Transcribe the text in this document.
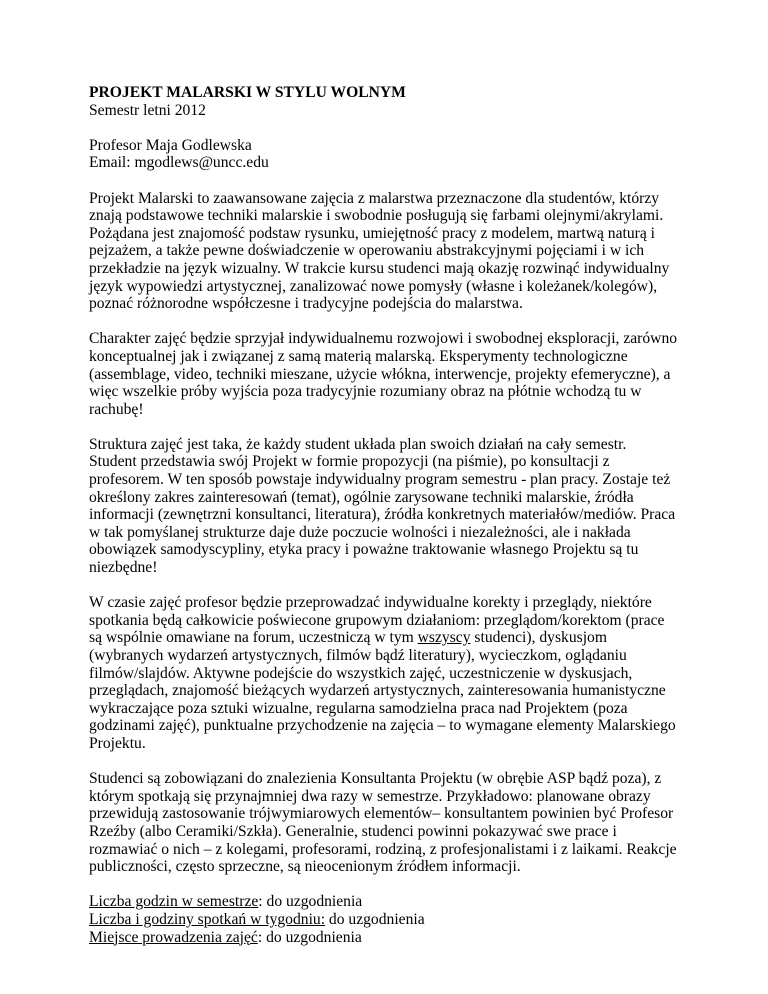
PROJEKT MALARSKI W STYLU WOLNYM
Semestr letni 2012
Profesor Maja Godlewska
Email: mgodlews@uncc.edu
Projekt Malarski to zaawansowane zajęcia z malarstwa przeznaczone dla studentów, którzy
znają podstawowe techniki malarskie i swobodnie posługują się farbami olejnymi/akrylami.
Pożądana jest znajomość podstaw rysunku, umiejętność pracy z modelem, martwą naturą i
pejzażem, a także pewne doświadczenie w operowaniu abstrakcyjnymi pojęciami i w ich
przekładzie na język wizualny. W trakcie kursu studenci mają okazję rozwinąć indywidualny
język wypowiedzi artystycznej, zanalizować nowe pomysły (własne i koleżanek/kolegów),
poznać różnorodne współczesne i tradycyjne podejścia do malarstwa.
Charakter zajęć będzie sprzyjał indywidualnemu rozwojowi i swobodnej eksploracji, zarówno
konceptualnej jak i związanej z samą materią malarską. Eksperymenty technologiczne
(assemblage, video, techniki mieszane, użycie włókna, interwencje, projekty efemeryczne), a
więc wszelkie próby wyjścia poza tradycyjnie rozumiany obraz na płótnie wchodzą tu w
rachubę!
Struktura zajęć jest taka, że każdy student układa plan swoich działań na cały semestr.
Student przedstawia swój Projekt w formie propozycji (na piśmie), po konsultacji z
profesorem. W ten sposób powstaje indywidualny program semestru - plan pracy. Zostaje też
określony zakres zainteresowań (temat), ogólnie zarysowane techniki malarskie, źródła
informacji (zewnętrzni konsultanci, literatura), źródła konkretnych materiałów/mediów. Praca
w tak pomyślanej strukturze daje duże poczucie wolności i niezależności, ale i nakłada
obowiązek samodyscypliny, etyka pracy i poważne traktowanie własnego Projektu są tu
niezbędne!
W czasie zajęć profesor będzie przeprowadzać indywidualne korekty i przeglądy, niektóre
spotkania będą całkowicie poświecone grupowym działaniom: przeglądom/korektom (prace
są wspólnie omawiane na forum, uczestniczą w tym wszyscy studenci), dyskusjom
(wybranych wydarzeń artystycznych, filmów bądź literatury), wycieczkom, oglądaniu
filmów/slajdów. Aktywne podejście do wszystkich zajęć, uczestniczenie w dyskusjach,
przeglądach, znajomość bieżących wydarzeń artystycznych, zainteresowania humanistyczne
wykraczające poza sztuki wizualne, regularna samodzielna praca nad Projektem (poza
godzinami zajęć), punktualne przychodzenie na zajęcia – to wymagane elementy Malarskiego
Projektu.
Studenci są zobowiązani do znalezienia Konsultanta Projektu (w obrębie ASP bądź poza), z
którym spotkają się przynajmniej dwa razy w semestrze. Przykładowo: planowane obrazy
przewidują zastosowanie trójwymiarowych elementów– konsultantem powinien być Profesor
Rzeźby (albo Ceramiki/Szkła). Generalnie, studenci powinni pokazywać swe prace i
rozmawiać o nich – z kolegami, profesorami, rodziną, z profesjonalistami i z laikami. Reakcje
publiczności, często sprzeczne, są nieocenionym źródłem informacji.
Liczba godzin w semestrze: do uzgodnienia
Liczba i godziny spotkań w tygodniu: do uzgodnienia
Miejsce prowadzenia zajęć: do uzgodnienia
